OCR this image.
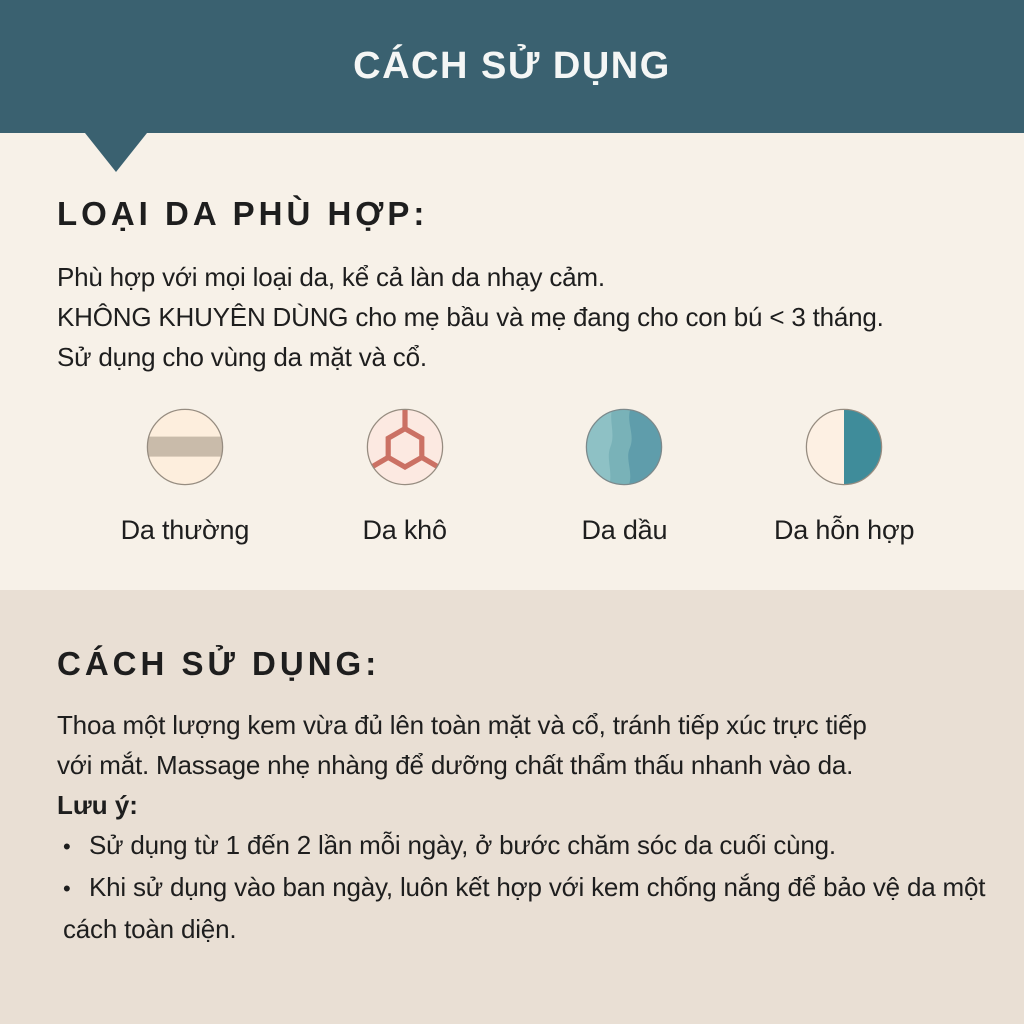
CÁCH SỬ DỤNG
LOẠI DA PHÙ HỢP:

Phù hợp với mọi loại da, kể cả làn da nhạy cảm.

KHÔNG KHUYÊN DÙNG cho mẹ bầu và mẹ đang cho con bú < 3 tháng.

Sử dụng cho vùng da mặt và cổ.

Da thường	Da khô	Da dầu	Da hỗn hợp
CÁCH SỬ DỤNG:

Thoa một lượng kem vừa đủ lên toàn mặt và cổ, tránh tiếp xúc trực tiếp

với mắt. Massage nhẹ nhàng để dưỡng chất thẩm thấu nhanh vào da.

Lưu ý:

• Sử dụng từ 1 đến 2 lần mỗi ngày, ở bước chăm sóc da cuối cùng.
• Khi sử dụng vào ban ngày, luôn kết hợp với kem chống nắng để bảo vệ da một cách toàn diện.
